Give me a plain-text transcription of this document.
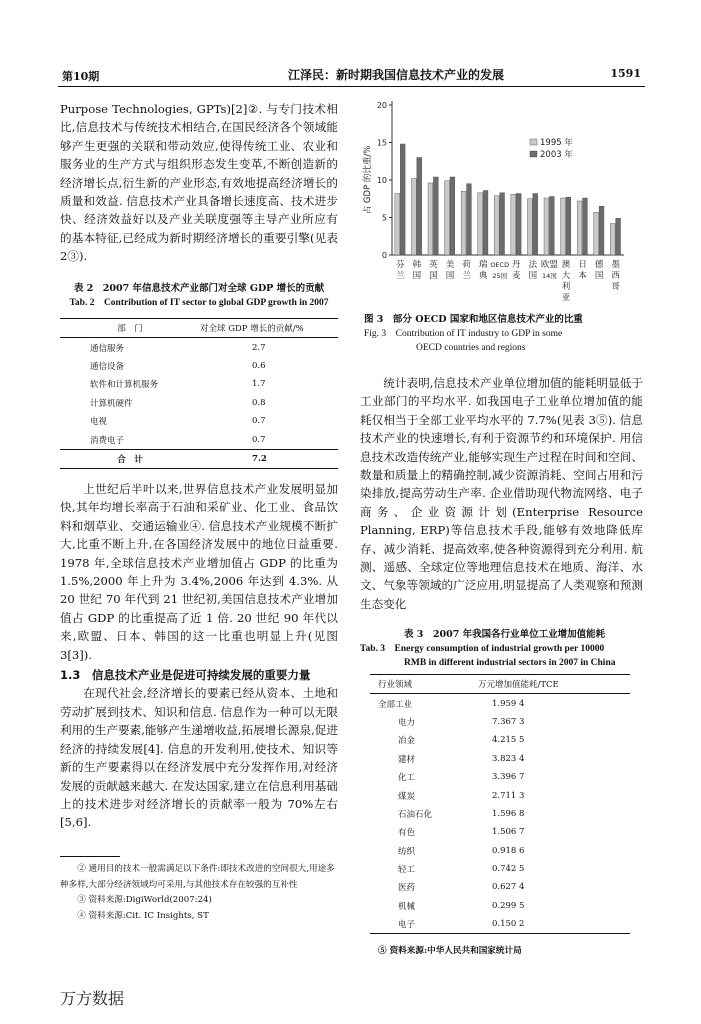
第10期	江泽民：新时期我国信息技术产业的发展	1591

Purpose Technologies, GPTs)[2]②. 与专门技术相比,信息技术与传统技术相结合,在国民经济各个领域能够产生更强的关联和带动效应,使得传统工业、农业和服务业的生产方式与组织形态发生变革,不断创造新的经济增长点,衍生新的产业形态,有效地提高经济增长的质量和效益. 信息技术产业具备增长速度高、技术进步快、经济效益好以及产业关联度强等主导产业所应有的基本特征,已经成为新时期经济增长的重要引擎(见表 2③).

表 2　2007 年信息技术产业部门对全球 GDP 增长的贡献
Tab. 2　Contribution of IT sector to global GDP growth in 2007
部　门	对全球 GDP 增长的贡献/%
通信服务	2.7
通信设备	0.6
软件和计算机服务	1.7
计算机硬件	0.8
电视	0.7
消费电子	0.7
合　计	7.2

上世纪后半叶以来,世界信息技术产业发展明显加快,其年均增长率高于石油和采矿业、化工业、食品饮料和烟草业、交通运输业④. 信息技术产业规模不断扩大,比重不断上升,在各国经济发展中的地位日益重要. 1978 年,全球信息技术产业增加值占 GDP 的比重为 1.5%,2000 年上升为 3.4%,2006 年达到 4.3%. 从 20 世纪 70 年代到 21 世纪初,美国信息技术产业增加值占 GDP 的比重提高了近 1 倍. 20 世纪 90 年代以来,欧盟、日本、韩国的这一比重也明显上升(见图 3[3]).

1.3　信息技术产业是促进可持续发展的重要力量

在现代社会,经济增长的要素已经从资本、土地和劳动扩展到技术、知识和信息. 信息作为一种可以无限利用的生产要素,能够产生递增收益,拓展增长源泉,促进经济的持续发展[4]. 信息的开发利用,使技术、知识等新的生产要素得以在经济发展中充分发挥作用,对经济发展的贡献越来越大. 在发达国家,建立在信息利用基础上的技术进步对经济增长的贡献率一般为 70%左右[5,6].

② 通用目的技术一般需满足以下条件:即技术改进的空间很大,用途多种多样,大部分经济领域均可采用,与其他技术存在较强的互补性

③ 资料来源:DigiWorld(2007:24)

④ 资料来源:Cit. IC Insights, ST

0
5
10
15
20
占 GDP 的比重/%
芬兰
韩国
英国
美国
荷兰
瑞典
OECD 25国
丹麦
法国
欧盟 14国
澳大利亚
日本
德国
墨西哥
1995 年
2003 年
图 3　部分 OECD 国家和地区信息技术产业的比重
Fig. 3　Contribution of IT industry to GDP in some
OECD countries and regions

统计表明,信息技术产业单位增加值的能耗明显低于工业部门的平均水平. 如我国电子工业单位增加值的能耗仅相当于全部工业平均水平的 7.7%(见表 3⑤). 信息技术产业的快速增长,有利于资源节约和环境保护. 用信息技术改造传统产业,能够实现生产过程在时间和空间、数量和质量上的精确控制,减少资源消耗、空间占用和污染排放,提高劳动生产率. 企业借助现代物流网络、电子商务、企业资源计划(Enterprise Resource Planning, ERP)等信息技术手段,能够有效地降低库存、减少消耗、提高效率,使各种资源得到充分利用. 航测、遥感、全球定位等地理信息技术在地质、海洋、水文、气象等领域的广泛应用,明显提高了人类观察和预测生态变化

表 3　2007 年我国各行业单位工业增加值能耗
Tab. 3　Energy consumption of industrial growth per 10000
RMB in different industrial sectors in 2007 in China
行业领域	万元增加值能耗/TCE
全部工业	1.959 4
电力	7.367 3
冶金	4.215 5
建材	3.823 4
化工	3.396 7
煤炭	2.711 3
石油石化	1.596 8
有色	1.506 7
纺织	0.918 6
轻工	0.742 5
医药	0.627 4
机械	0.299 5
电子	0.150 2
⑤ 资料来源:中华人民共和国家统计局
万方数据
